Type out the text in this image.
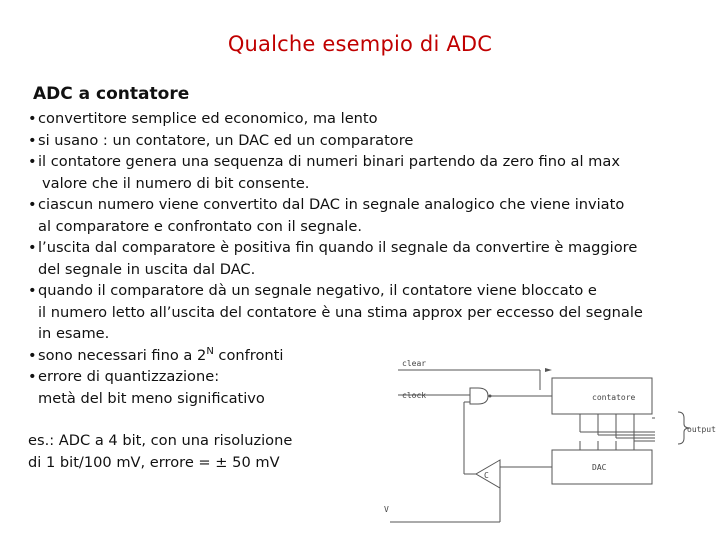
Qualche esempio di ADC
ADC a contatore
•convertitore semplice ed economico, ma lento
•si usano : un contatore, un DAC ed un comparatore
•il contatore genera una sequenza di numeri binari partendo da zero fino al max
valore che il numero di bit consente.
•ciascun numero viene convertito dal DAC in segnale analogico che viene inviato
al comparatore e confrontato con il segnale.
•l’uscita dal comparatore è positiva fin quando il segnale da convertire è maggiore
del segnale in uscita dal DAC.
•quando il comparatore dà un segnale negativo, il contatore viene bloccato e
il numero letto all’uscita del contatore è una stima approx per eccesso del segnale
in esame.
•sono necessari fino a $2^N$ confronti
•errore di quantizzazione:
metà del bit meno significativo
es.: ADC a 4 bit, con una risoluzione
di 1 bit/100 mV, errore = ± 50 mV
clear
clock	contatore
DAC
output
C
V
